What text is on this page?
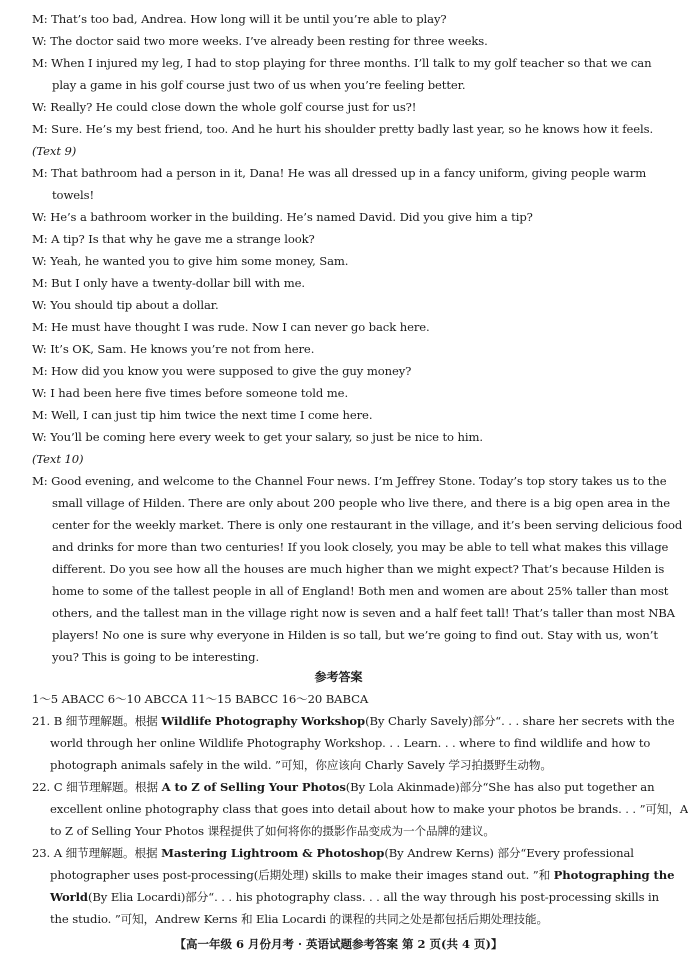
M: That’s too bad, Andrea. How long will it be until you’re able to play?
W: The doctor said two more weeks. I’ve already been resting for three weeks.
M: When I injured my leg, I had to stop playing for three months. I’ll talk to my golf teacher so that we can
play a game in his golf course just two of us when you’re feeling better.
W: Really? He could close down the whole golf course just for us?!
M: Sure. He’s my best friend, too. And he hurt his shoulder pretty badly last year, so he knows how it feels.
(Text 9)
M: That bathroom had a person in it, Dana! He was all dressed up in a fancy uniform, giving people warm
towels!
W: He’s a bathroom worker in the building. He’s named David. Did you give him a tip?
M: A tip? Is that why he gave me a strange look?
W: Yeah, he wanted you to give him some money, Sam.
M: But I only have a twenty-dollar bill with me.
W: You should tip about a dollar.
M: He must have thought I was rude. Now I can never go back here.
W: It’s OK, Sam. He knows you’re not from here.
M: How did you know you were supposed to give the guy money?
W: I had been here five times before someone told me.
M: Well, I can just tip him twice the next time I come here.
W: You’ll be coming here every week to get your salary, so just be nice to him.
(Text 10)
M: Good evening, and welcome to the Channel Four news. I’m Jeffrey Stone. Today’s top story takes us to the
small village of Hilden. There are only about 200 people who live there, and there is a big open area in the
center for the weekly market. There is only one restaurant in the village, and it’s been serving delicious food
and drinks for more than two centuries! If you look closely, you may be able to tell what makes this village
different. Do you see how all the houses are much higher than we might expect? That’s because Hilden is
home to some of the tallest people in all of England! Both men and women are about 25% taller than most
others, and the tallest man in the village right now is seven and a half feet tall! That’s taller than most NBA
players! No one is sure why everyone in Hilden is so tall, but we’re going to find out. Stay with us, won’t
you? This is going to be interesting.
参考答案
1～5 ABACC 6～10 ABCCA 11～15 BABCC 16～20 BABCA
21. B 细节理解题。根据 Wildlife Photography Workshop(By Charly Savely)部分“. . . share her secrets with the
world through her online Wildlife Photography Workshop. . . Learn. . . where to find wildlife and how to
photograph animals safely in the wild. ”可知，你应该向 Charly Savely 学习拍摄野生动物。
22. C 细节理解题。根据 A to Z of Selling Your Photos(By Lola Akinmade)部分“She has also put together an
excellent online photography class that goes into detail about how to make your photos be brands. . . ”可知，A
to Z of Selling Your Photos 课程提供了如何将你的摄影作品变成为一个品牌的建议。
23. A 细节理解题。根据 Mastering Lightroom & Photoshop(By Andrew Kerns) 部分“Every professional
photographer uses post-processing(后期处理) skills to make their images stand out. ”和 Photographing the
World(By Elia Locardi)部分“. . . his photography class. . . all the way through his post-processing skills in
the studio. ”可知，Andrew Kerns 和 Elia Locardi 的课程的共同之处是都包括后期处理技能。
【高一年级 6 月份月考 · 英语试题参考答案 第 2 页(共 4 页)】
